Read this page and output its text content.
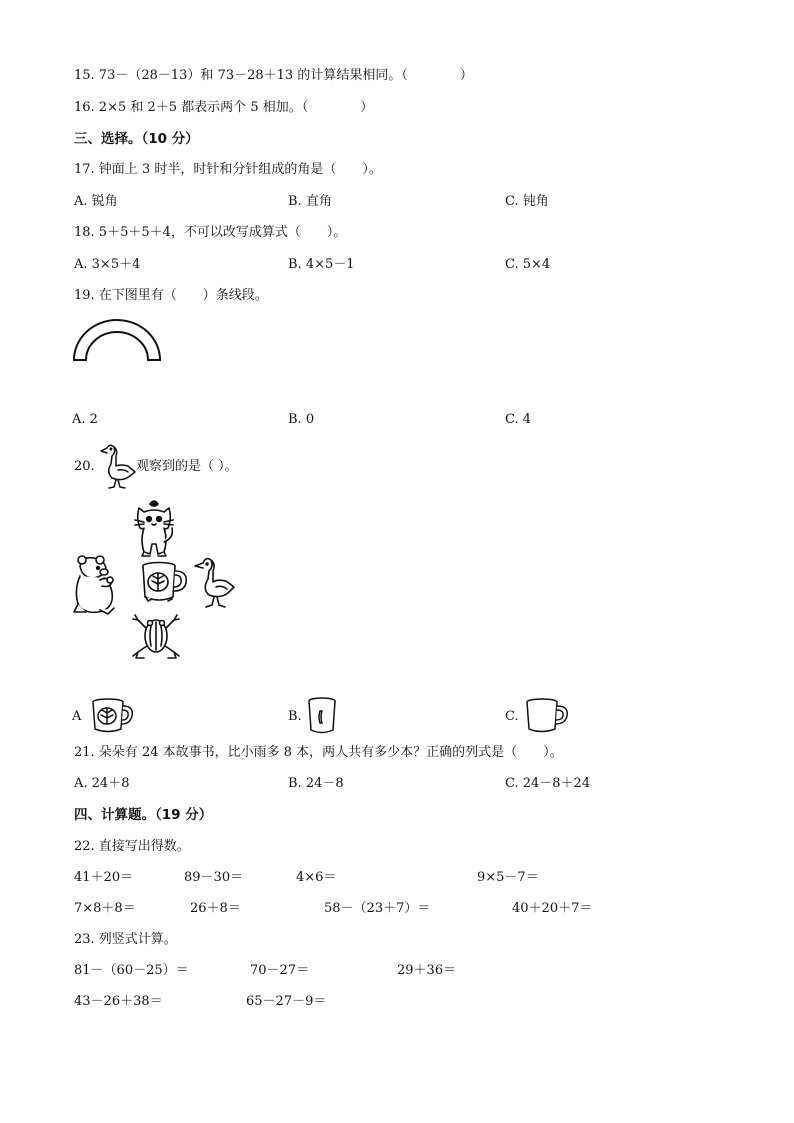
15. 73－（28－13）和 73－28＋13 的计算结果相同。（　　　　）
16. 2×5 和 2＋5 都表示两个 5 相加。（　　　　）
三、选择。（10 分）
17. 钟面上 3 时半，时针和分针组成的角是（　　）。
A. 锐角	B. 直角	C. 钝角
18. 5＋5＋5＋4，不可以改写成算式（　　）。
A. 3×5＋4	B. 4×5－1	C. 5×4
19. 在下图里有（　　）条线段。
A. 2	B. 0	C. 4
20.	观察到的是（ ）。
A	B.	C.
21. 朵朵有 24 本故事书，比小雨多 8 本，两人共有多少本？正确的列式是（　　）。
A. 24＋8	B. 24－8	C. 24－8＋24
四、计算题。（19 分）
22. 直接写出得数。
41＋20＝	89－30＝	4×6＝	9×5－7＝
7×8＋8＝	26＋8＝	58－（23＋7）＝	40＋20＋7＝
23. 列竖式计算。
81－（60－25）＝	70－27＝	29＋36＝
43－26＋38＝	65－27－9＝
